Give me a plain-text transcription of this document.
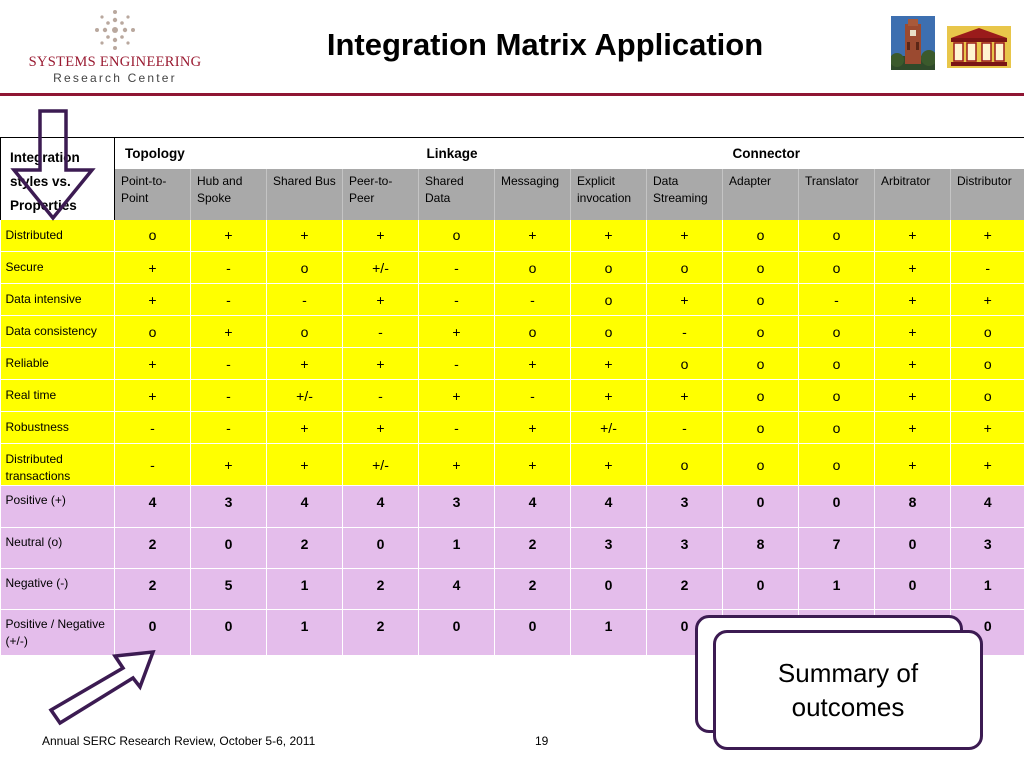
SYSTEMS ENGINEERING
Research Center
Integration Matrix Application
Integration styles vs. Properties	Topology				Linkage				Connector			
	Point-to-Point	Hub and Spoke	Shared Bus	Peer-to-Peer	Shared Data	Messaging	Explicit invocation	Data Streaming	Adapter	Translator	Arbitrator	Distributor
Distributed	o	+	+	+	o	+	+	+	o	o	+	+
Secure	+	-	o	+/-	-	o	o	o	o	o	+	-
Data intensive	+	-	-	+	-	-	o	+	o	-	+	+
Data consistency	o	+	o	-	+	o	o	-	o	o	+	o
Reliable	+	-	+	+	-	+	+	o	o	o	+	o
Real time	+	-	+/-	-	+	-	+	+	o	o	+	o
Robustness	-	-	+	+	-	+	+/-	-	o	o	+	+
Distributed transactions	-	+	+	+/-	+	+	+	o	o	o	+	+

Positive (+)	4	3	4	4	3	4	4	3	0	0	8	4
Neutral (o)	2	0	2	0	1	2	3	3	8	7	0	3
Negative (-)	2	5	1	2	4	2	0	2	0	1	0	1
Positive / Negative (+/-)	0	0	1	2	0	0	1	0				0
Summary of outcomes
Annual SERC Research Review, October 5-6, 2011	19
